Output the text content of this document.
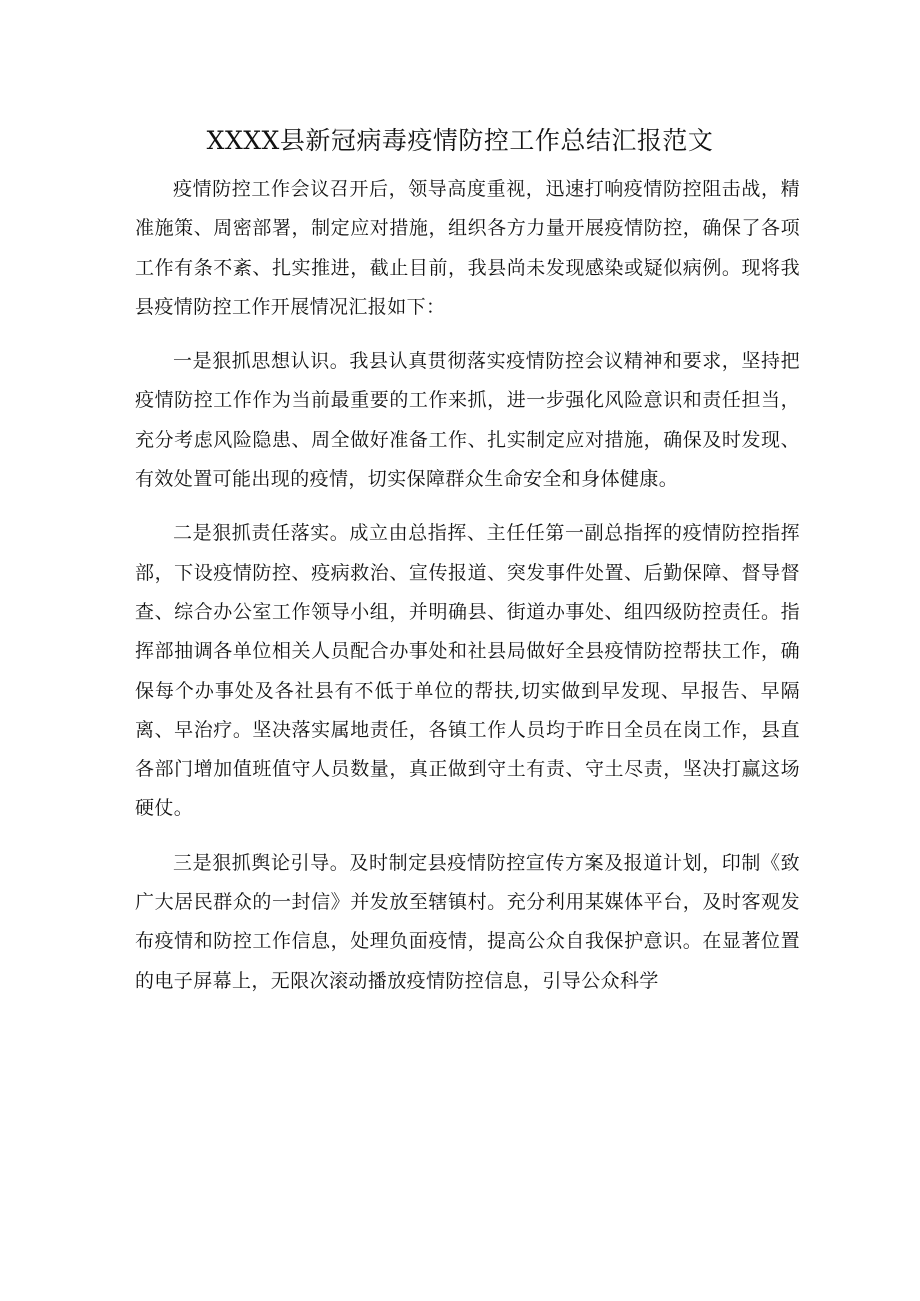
XXXX县新冠病毒疫情防控工作总结汇报范文

疫情防控工作会议召开后，领导高度重视，迅速打响疫情防控阻击战，精准施策、周密部署，制定应对措施，组织各方力量开展疫情防控，确保了各项工作有条不紊、扎实推进，截止目前，我县尚未发现感染或疑似病例。现将我县疫情防控工作开展情况汇报如下：

一是狠抓思想认识。我县认真贯彻落实疫情防控会议精神和要求，坚持把疫情防控工作作为当前最重要的工作来抓，进一步强化风险意识和责任担当，充分考虑风险隐患、周全做好准备工作、扎实制定应对措施，确保及时发现、有效处置可能出现的疫情，切实保障群众生命安全和身体健康。

二是狠抓责任落实。成立由总指挥、主任任第一副总指挥的疫情防控指挥部，下设疫情防控、疫病救治、宣传报道、突发事件处置、后勤保障、督导督查、综合办公室工作领导小组，并明确县、街道办事处、组四级防控责任。指挥部抽调各单位相关人员配合办事处和社县局做好全县疫情防控帮扶工作，确保每个办事处及各社县有不低于单位的帮扶,切实做到早发现、早报告、早隔离、早治疗。坚决落实属地责任，各镇工作人员均于昨日全员在岗工作，县直各部门增加值班值守人员数量，真正做到守土有责、守土尽责，坚决打赢这场硬仗。

三是狠抓舆论引导。及时制定县疫情防控宣传方案及报道计划，印制《致广大居民群众的一封信》并发放至辖镇村。充分利用某媒体平台，及时客观发布疫情和防控工作信息，处理负面疫情，提高公众自我保护意识。在显著位置的电子屏幕上，无限次滚动播放疫情防控信息，引导公众科学
